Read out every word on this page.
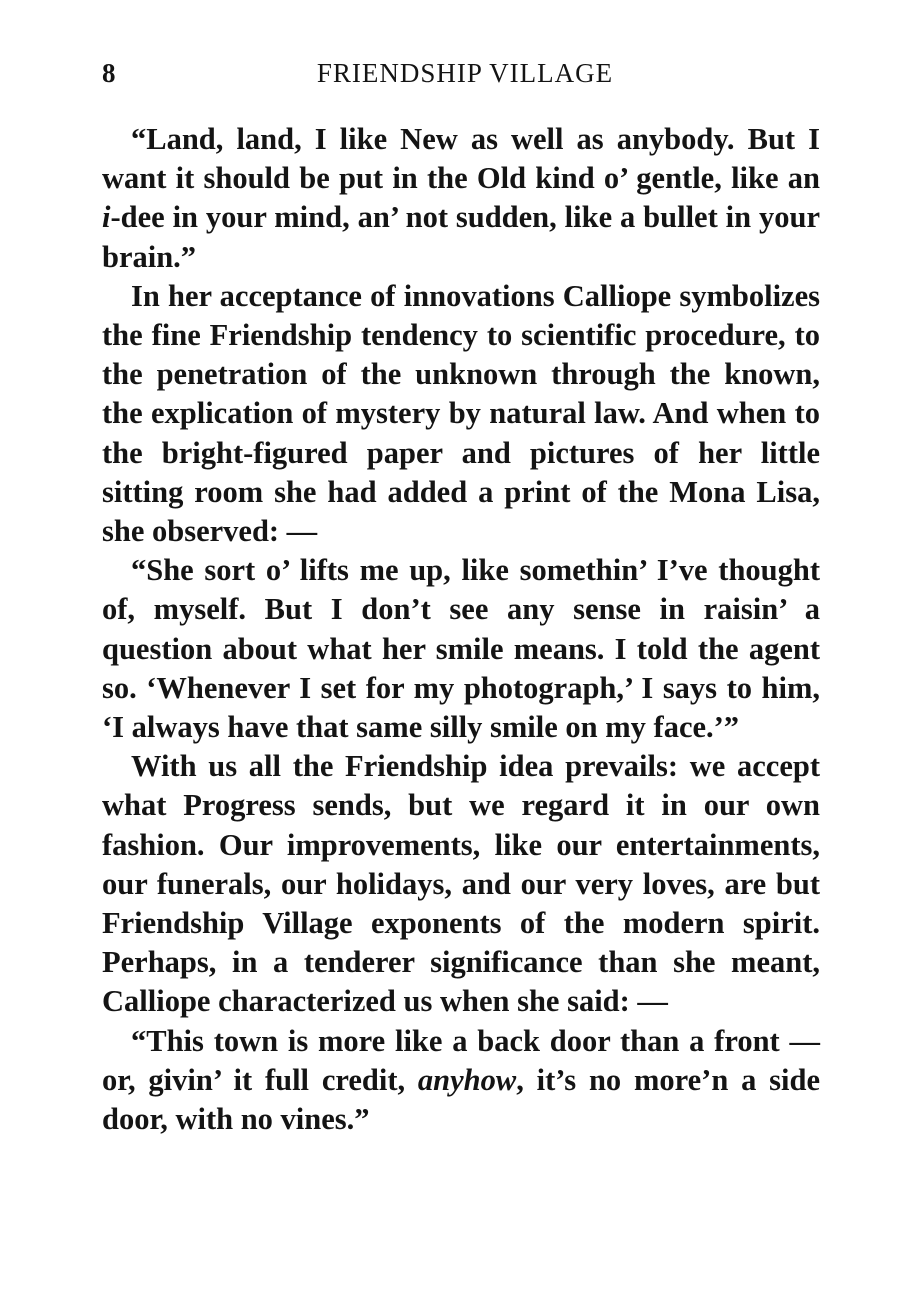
8	FRIENDSHIP VILLAGE

“Land, land, I like New as well as anybody. But I want it should be put in the Old kind o’ gentle, like an i-dee in your mind, an’ not sudden, like a bullet in your brain.”

In her acceptance of innovations Calliope symbolizes the fine Friendship tendency to scientific procedure, to the penetration of the unknown through the known, the explication of mystery by natural law. And when to the bright-figured paper and pictures of her little sitting room she had added a print of the Mona Lisa, she observed: —

“She sort o’ lifts me up, like somethin’ I’ve thought of, myself. But I don’t see any sense in raisin’ a question about what her smile means. I told the agent so. ‘Whenever I set for my photograph,’ I says to him, ‘I always have that same silly smile on my face.’”

With us all the Friendship idea prevails: we accept what Progress sends, but we regard it in our own fashion. Our improvements, like our entertainments, our funerals, our holidays, and our very loves, are but Friendship Village exponents of the modern spirit. Perhaps, in a tenderer significance than she meant, Calliope characterized us when she said: —

“This town is more like a back door than a front — or, givin’ it full credit, anyhow, it’s no more’n a side door, with no vines.”
